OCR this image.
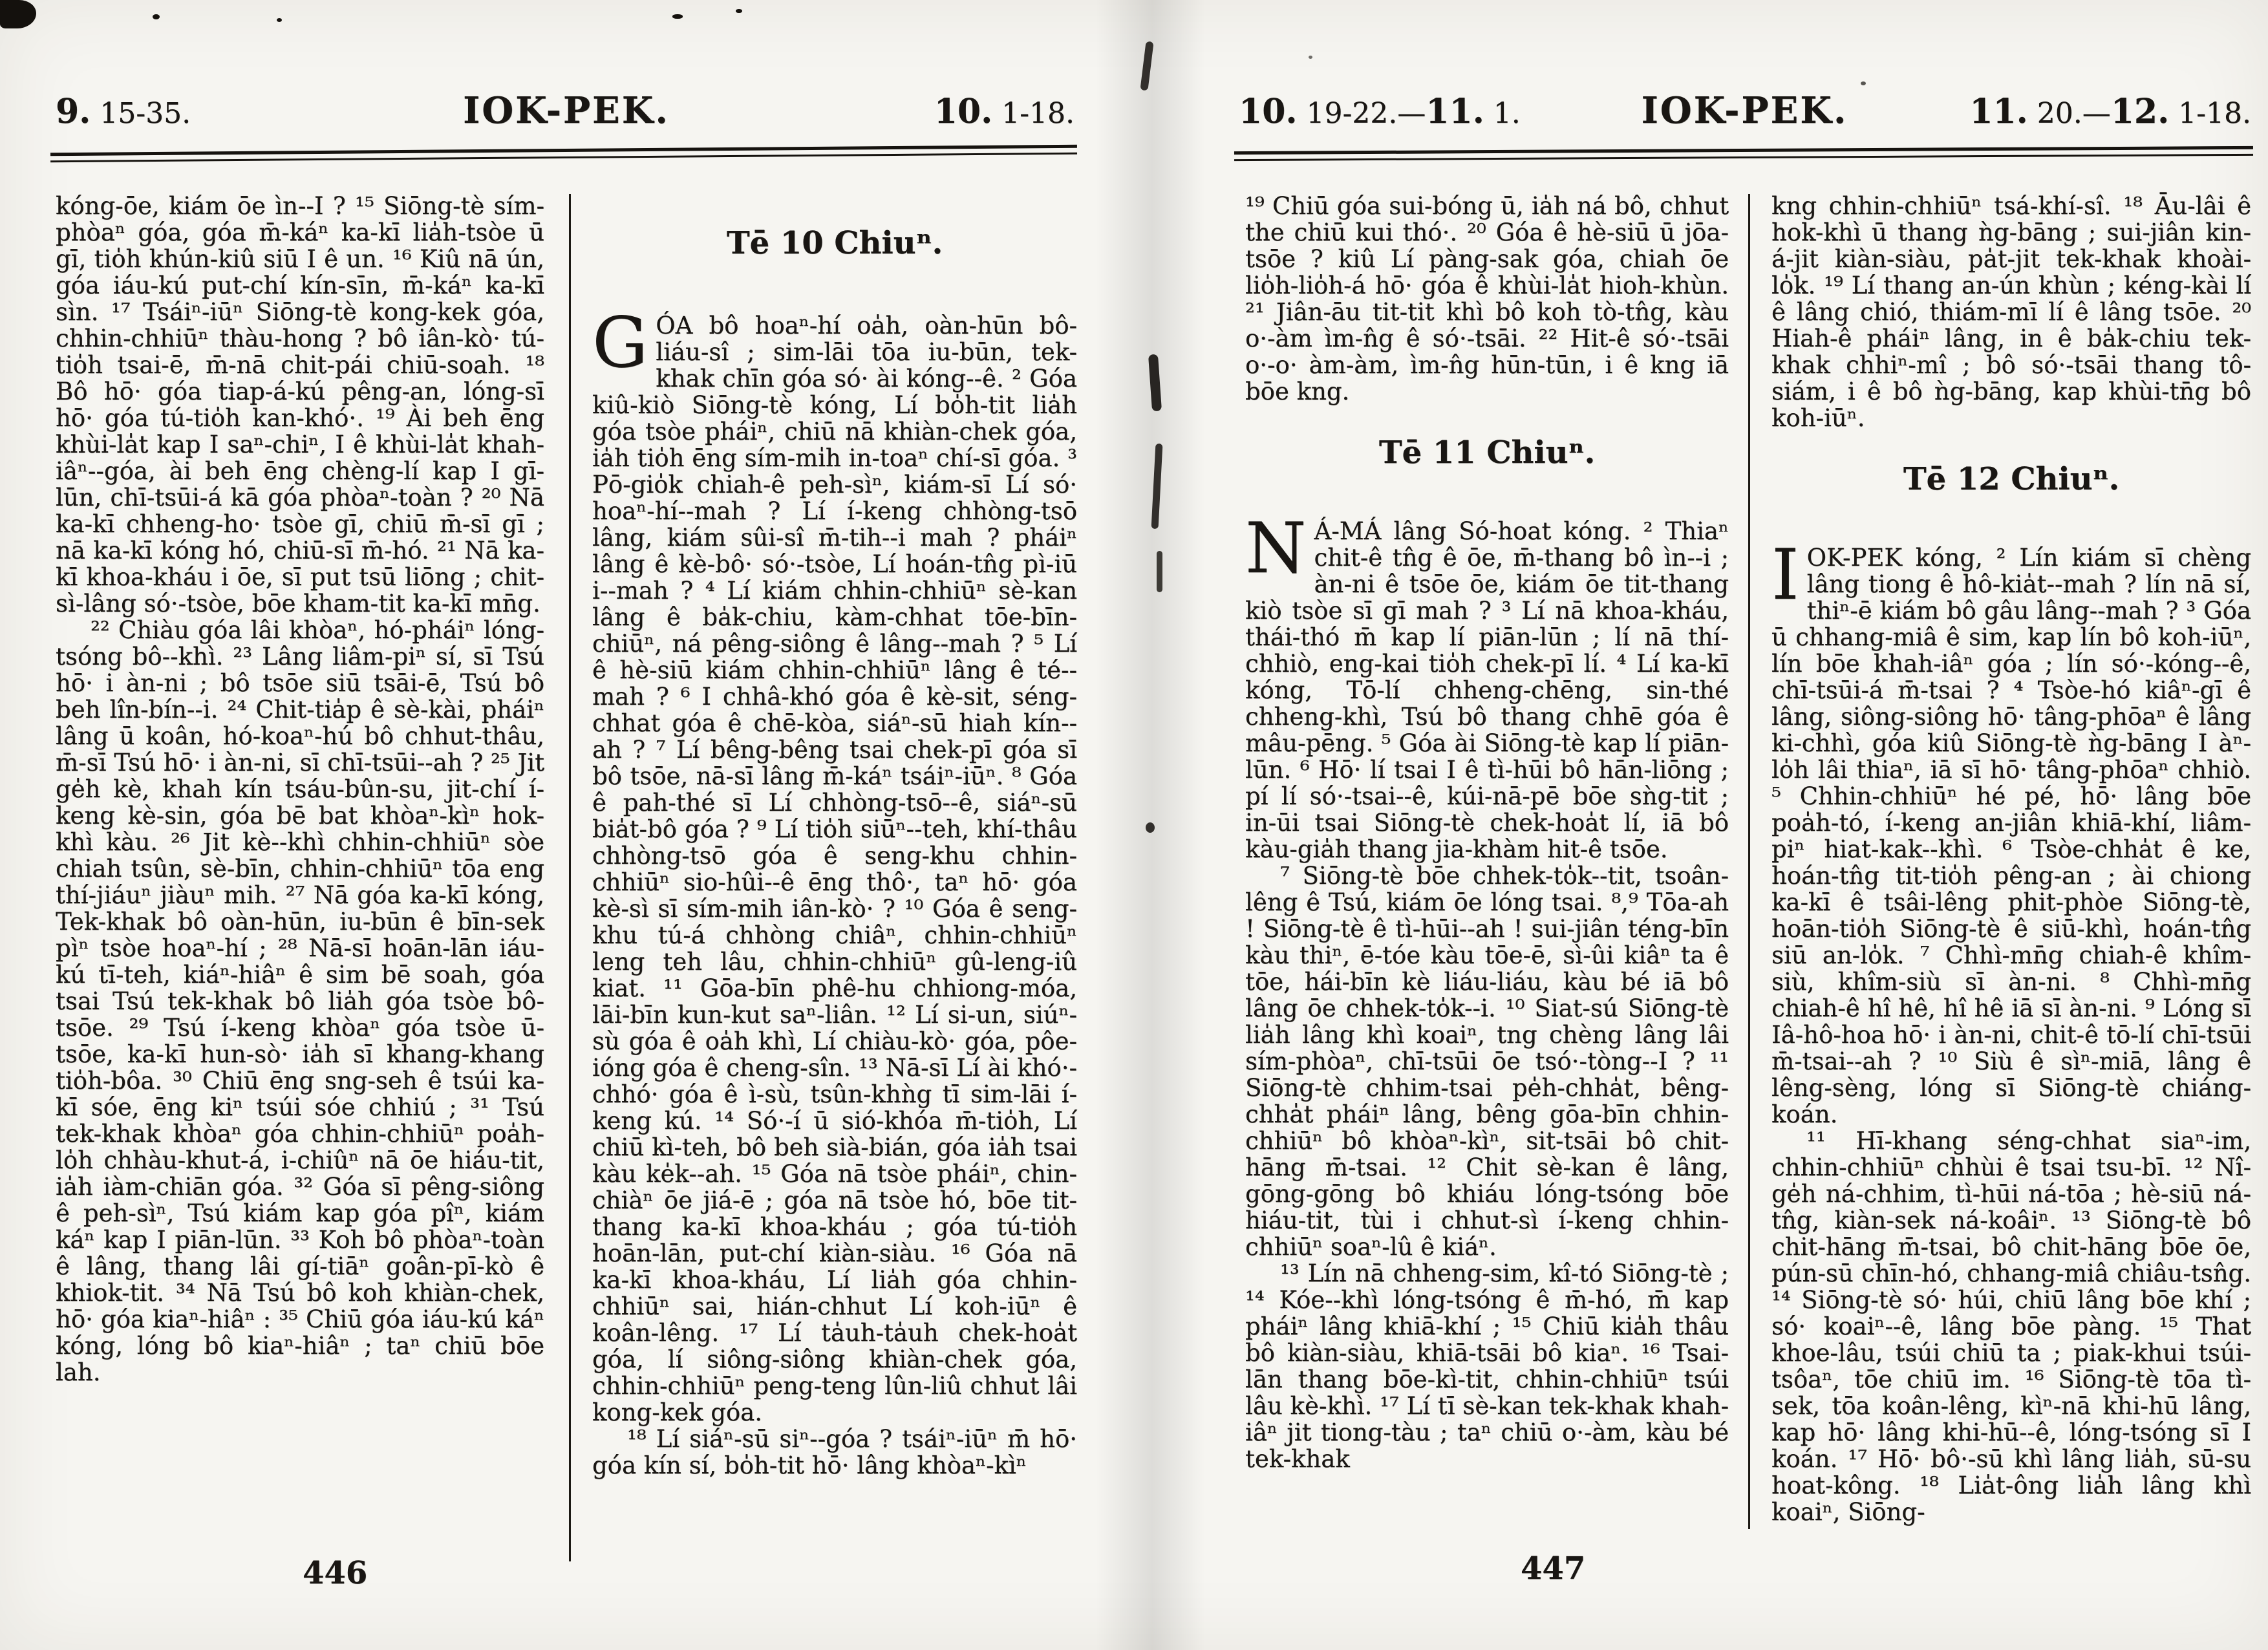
9. 15-35.	IOK-PEK.	10. 1-18.

kóng-ōe, kiám ōe ìn--I ? ¹⁵ Siōng-tè sím-phòaⁿ góa, góa m̄-káⁿ ka-kī lia̍h-tsòe ū gī, tio̍h khún-kiû siū I ê un. ¹⁶ Kiû nā ún, góa iáu-kú put-chí kín-sīn, m̄-káⁿ ka-kī sìn. ¹⁷ Tsáiⁿ-iūⁿ Siōng-tè kong-kek góa, chhin-chhiūⁿ thàu-hong ? bô iân-kò· tú-tio̍h tsai-ē, m̄-nā chit-pái chiū-soah. ¹⁸ Bô hō· góa tiap-á-kú pêng-an, lóng-sī hō· góa tú-tio̍h kan-khó·. ¹⁹ Ài beh ēng khùi-la̍t kap I saⁿ-chiⁿ, I ê khùi-la̍t khah-iâⁿ--góa, ài beh ēng chèng-lí kap I gī-lūn, chī-tsūi-á kā góa phòaⁿ-toàn ? ²⁰ Nā ka-kī chheng-ho· tsòe gī, chiū m̄-sī gī ; nā ka-kī kóng hó, chiū-sī m̄-hó. ²¹ Nā ka-kī khoa-kháu i ōe, sī put tsū liōng ; chit-sì-lâng só·-tsòe, bōe kham-tit ka-kī mn̄g.

²² Chiàu góa lâi khòaⁿ, hó-pháiⁿ lóng-tsóng bô--khì. ²³ Lâng liâm-piⁿ sí, sī Tsú hō· i àn-ni ; bô tsōe siū tsāi-ē, Tsú bô beh lîn-bín--i. ²⁴ Chit-tia̍p ê sè-kài, pháiⁿ lâng ū koân, hó-koaⁿ-hú bô chhut-thâu, m̄-sī Tsú hō· i àn-ni, sī chī-tsūi--ah ? ²⁵ Jit ge̍h kè, khah kín tsáu-bûn-su, jit-chí í-keng kè-sin, góa bē bat khòaⁿ-kìⁿ hok-khì kàu. ²⁶ Jit kè--khì chhin-chhiūⁿ sòe chiah tsûn, sè-bīn, chhin-chhiūⁿ tōa eng thí-jiáuⁿ jiàuⁿ mih. ²⁷ Nā góa ka-kī kóng, Tek-khak bô oàn-hūn, iu-būn ê bīn-sek pìⁿ tsòe hoaⁿ-hí ; ²⁸ Nā-sī hoān-lān iáu-kú tī-teh, kiáⁿ-hiâⁿ ê sim bē soah, góa tsai Tsú tek-khak bô lia̍h góa tsòe bô-tsōe. ²⁹ Tsú í-keng khòaⁿ góa tsòe ū-tsōe, ka-kī hun-sò· ia̍h sī khang-khang tio̍h-bôa. ³⁰ Chiū ēng sng-seh ê tsúi ka-kī sóe, ēng kiⁿ tsúi sóe chhiú ; ³¹ Tsú tek-khak khòaⁿ góa chhin-chhiūⁿ poa̍h-lo̍h chhàu-khut-á, i-chiûⁿ nā ōe hiáu-tit, ia̍h iàm-chiān góa. ³² Góa sī pêng-siông ê peh-sìⁿ, Tsú kiám kap góa pîⁿ, kiám káⁿ kap I piān-lūn. ³³ Koh bô phòaⁿ-toàn ê lâng, thang lâi gí-tiāⁿ goân-pī-kò ê khiok-tit. ³⁴ Nā Tsú bô koh khiàn-chek, hō· góa kiaⁿ-hiâⁿ : ³⁵ Chiū góa iáu-kú káⁿ kóng, lóng bô kiaⁿ-hiâⁿ ; taⁿ chiū bōe lah.

Tē 10 Chiuⁿ.

GÓA bô hoaⁿ-hí oa̍h, oàn-hūn bô-liáu-sî ; sim-lāi tōa iu-būn, tek-khak chīn góa só· ài kóng--ê. ² Góa kiû-kiò Siōng-tè kóng, Lí bo̍h-tit lia̍h góa tsòe pháiⁿ, chiū nā khiàn-chek góa, ia̍h tio̍h ēng sím-mi̍h in-toaⁿ chí-sī góa. ³ Pō-gio̍k chiah-ê peh-sìⁿ, kiám-sī Lí só· hoaⁿ-hí--mah ? Lí í-keng chhòng-tsō lâng, kiám sûi-sî m̄-tih--i mah ? pháiⁿ lâng ê kè-bô· só·-tsòe, Lí hoán-tn̂g pì-iū i--mah ? ⁴ Lí kiám chhin-chhiūⁿ sè-kan lâng ê ba̍k-chiu, kàm-chhat tōe-bīn-chiūⁿ, ná pêng-siông ê lâng--mah ? ⁵ Lí ê hè-siū kiám chhin-chhiūⁿ lâng ê té--mah ? ⁶ I chhâ-khó góa ê kè-sit, séng-chhat góa ê chē-kòa, siáⁿ-sū hiah kín--ah ? ⁷ Lí bêng-bêng tsai chek-pī góa sī bô tsōe, nā-sī lâng m̄-káⁿ tsáiⁿ-iūⁿ. ⁸ Góa ê pah-thé sī Lí chhòng-tsō--ê, siáⁿ-sū bia̍t-bô góa ? ⁹ Lí tio̍h siūⁿ--teh, khí-thâu chhòng-tsō góa ê seng-khu chhin-chhiūⁿ sio-hûi--ê ēng thô·, taⁿ hō· góa kè-sì sī sím-mih iân-kò· ? ¹⁰ Góa ê seng-khu tú-á chhòng chiâⁿ, chhin-chhiūⁿ leng teh lâu, chhin-chhiūⁿ gû-leng-iû kiat. ¹¹ Gōa-bīn phê-hu chhiong-móa, lāi-bīn kun-kut saⁿ-liân. ¹² Lí si-un, siúⁿ-sù góa ê oa̍h khì, Lí chiàu-kò· góa, pôe-ióng góa ê cheng-sîn. ¹³ Nā-sī Lí ài khó·-chhó· góa ê ì-sù, tsûn-khǹg tī sim-lāi í-keng kú. ¹⁴ Só·-í ū sió-khóa m̄-tio̍h, Lí chiū kì-teh, bô beh sià-bián, góa ia̍h tsai kàu ke̍k--ah. ¹⁵ Góa nā tsòe pháiⁿ, chin-chiàⁿ ōe jiá-ē ; góa nā tsòe hó, bōe tit-thang ka-kī khoa-kháu ; góa tú-tio̍h hoān-lān, put-chí kiàn-siàu. ¹⁶ Góa nā ka-kī khoa-kháu, Lí lia̍h góa chhin-chhiūⁿ sai, hián-chhut Lí koh-iūⁿ ê koân-lêng. ¹⁷ Lí ta̍uh-ta̍uh chek-hoa̍t góa, lí siông-siông khiàn-chek góa, chhin-chhiūⁿ peng-teng lûn-liû chhut lâi kong-kek góa.

¹⁸ Lí siáⁿ-sū siⁿ--góa ? tsáiⁿ-iūⁿ m̄ hō· góa kín sí, bo̍h-tit hō· lâng khòaⁿ-kìⁿ

446
10. 19-22.—11. 1.	IOK-PEK.	11. 20.—12. 1-18.

¹⁹ Chiū góa sui-bóng ū, ia̍h ná bô, chhut the chiū kui thó·. ²⁰ Góa ê hè-siū ū jōa-tsōe ? kiû Lí pàng-sak góa, chiah ōe lio̍h-lio̍h-á hō· góa ê khùi-la̍t hioh-khùn. ²¹ Jiân-āu tit-tit khì bô koh tò-tn̂g, kàu o·-àm ìm-n̂g ê só·-tsāi. ²² Hit-ê só·-tsāi o·-o· àm-àm, ìm-n̂g hūn-tūn, i ê kng iā bōe kng.

Tē 11 Chiuⁿ.

NÁ-MÁ lâng Só-hoat kóng. ² Thiaⁿ chit-ê tn̂g ê ōe, m̄-thang bô ìn--i ; àn-ni ê tsōe ōe, kiám ōe tit-thang kiò tsòe sī gī mah ? ³ Lí nā khoa-kháu, thái-thó m̄ kap lí piān-lūn ; lí nā thí-chhiò, eng-kai tio̍h chek-pī lí. ⁴ Lí ka-kī kóng, Tō-lí chheng-chēng, sin-thé chheng-khì, Tsú bô thang chhē góa ê mâu-pēng. ⁵ Góa ài Siōng-tè kap lí piān-lūn. ⁶ Hō· lí tsai I ê tì-hūi bô hān-liōng ; pí lí só·-tsai--ê, kúi-nā-pē bōe sǹg-tit ; in-ūi tsai Siōng-tè chek-hoa̍t lí, iā bô kàu-gia̍h thang jia-khàm hit-ê tsōe.

⁷ Siōng-tè bōe chhek-to̍k--tit, tsoân-lêng ê Tsú, kiám ōe lóng tsai. ⁸,⁹ Tōa-ah ! Siōng-tè ê tì-hūi--ah ! sui-jiân téng-bīn kàu thiⁿ, ē-tóe kàu tōe-ē, sì-ûi kiâⁿ ta ê tōe, hái-bīn kè liáu-liáu, kàu bé iā bô lâng ōe chhek-to̍k--i. ¹⁰ Siat-sú Siōng-tè lia̍h lâng khì koaiⁿ, tng chèng lâng lâi sím-phòaⁿ, chī-tsūi ōe tsó·-tòng--I ? ¹¹ Siōng-tè chhim-tsai pe̍h-chha̍t, bêng-chha̍t pháiⁿ lâng, bêng gōa-bīn chhin-chhiūⁿ bô khòaⁿ-kìⁿ, sit-tsāi bô chit-hāng m̄-tsai. ¹² Chit sè-kan ê lâng, gōng-gōng bô khiáu lóng-tsóng bōe hiáu-tit, tùi i chhut-sì í-keng chhin-chhiūⁿ soaⁿ-lû ê kiáⁿ.

¹³ Lín nā chheng-sim, kî-tó Siōng-tè ; ¹⁴ Kóe--khì lóng-tsóng ê m̄-hó, m̄ kap pháiⁿ lâng khiā-khí ; ¹⁵ Chiū kia̍h thâu bô kiàn-siàu, khiā-tsāi bô kiaⁿ. ¹⁶ Tsai-lān thang bōe-kì-tit, chhin-chhiūⁿ tsúi lâu kè-khì. ¹⁷ Lí tī sè-kan tek-khak khah-iâⁿ jit tiong-tàu ; taⁿ chiū o·-àm, kàu bé tek-khak

kng chhin-chhiūⁿ tsá-khí-sî. ¹⁸ Āu-lâi ê hok-khì ū thang ǹg-bāng ; sui-jiân kin-á-jit kiàn-siàu, pa̍t-jit tek-khak khoài-lo̍k. ¹⁹ Lí thang an-ún khùn ; kéng-kài lí ê lâng chió, thiám-mī lí ê lâng tsōe. ²⁰ Hiah-ê pháiⁿ lâng, in ê ba̍k-chiu tek-khak chhiⁿ-mî ; bô só·-tsāi thang tô-siám, i ê bô ǹg-bāng, kap khùi-tn̄g bô koh-iūⁿ.

Tē 12 Chiuⁿ.

IOK-PEK kóng, ² Lín kiám sī chèng lâng tiong ê hô-kia̍t--mah ? lín nā sí, thiⁿ-ē kiám bô gâu lâng--mah ? ³ Góa ū chhang-miâ ê sim, kap lín bô koh-iūⁿ, lín bōe khah-iâⁿ góa ; lín só·-kóng--ê, chī-tsūi-á m̄-tsai ? ⁴ Tsòe-hó kiâⁿ-gī ê lâng, siông-siông hō· tâng-phōaⁿ ê lâng ki-chhì, góa kiû Siōng-tè ǹg-bāng I àⁿ-lo̍h lâi thiaⁿ, iā sī hō· tâng-phōaⁿ chhiò. ⁵ Chhin-chhiūⁿ hé pé, hō· lâng bōe poa̍h-tó, í-keng an-jiân khiā-khí, liâm-piⁿ hiat-kak--khì. ⁶ Tsòe-chha̍t ê ke, hoán-tn̂g tit-tio̍h pêng-an ; ài chiong ka-kī ê tsâi-lêng phit-phòe Siōng-tè, hoān-tio̍h Siōng-tè ê siū-khì, hoán-tn̂g siū an-lo̍k. ⁷ Chhì-mn̄g chiah-ê khîm-siù, khîm-siù sī àn-ni. ⁸ Chhì-mn̄g chiah-ê hî hê, hî hê iā sī àn-ni. ⁹ Lóng sī Iâ-hô-hoa hō· i àn-ni, chit-ê tō-lí chī-tsūi m̄-tsai--ah ? ¹⁰ Siù ê sìⁿ-miā, lâng ê lêng-sèng, lóng sī Siōng-tè chiáng-koán.

¹¹ Hī-khang séng-chhat siaⁿ-im, chhin-chhiūⁿ chhùi ê tsai tsu-bī. ¹² Nî-ge̍h ná-chhim, tì-hūi ná-tōa ; hè-siū ná-tn̂g, kiàn-sek ná-koâiⁿ. ¹³ Siōng-tè bô chit-hāng m̄-tsai, bô chit-hāng bōe ōe, pún-sū chīn-hó, chhang-miâ chiâu-tsn̂g. ¹⁴ Siōng-tè só· húi, chiū lâng bōe khí ; só· koaiⁿ--ê, lâng bōe pàng. ¹⁵ That khoe-lâu, tsúi chiū ta ; piak-khui tsúi-tsôaⁿ, tōe chiū im. ¹⁶ Siōng-tè tōa tì-sek, tōa koân-lêng, kìⁿ-nā khi-hū lâng, kap hō· lâng khi-hū--ê, lóng-tsóng sī I koán. ¹⁷ Hō· bô·-sū khì lâng lia̍h, sū-su hoat-kông. ¹⁸ Lia̍t-ông lia̍h lâng khì koaiⁿ, Siōng-

447
